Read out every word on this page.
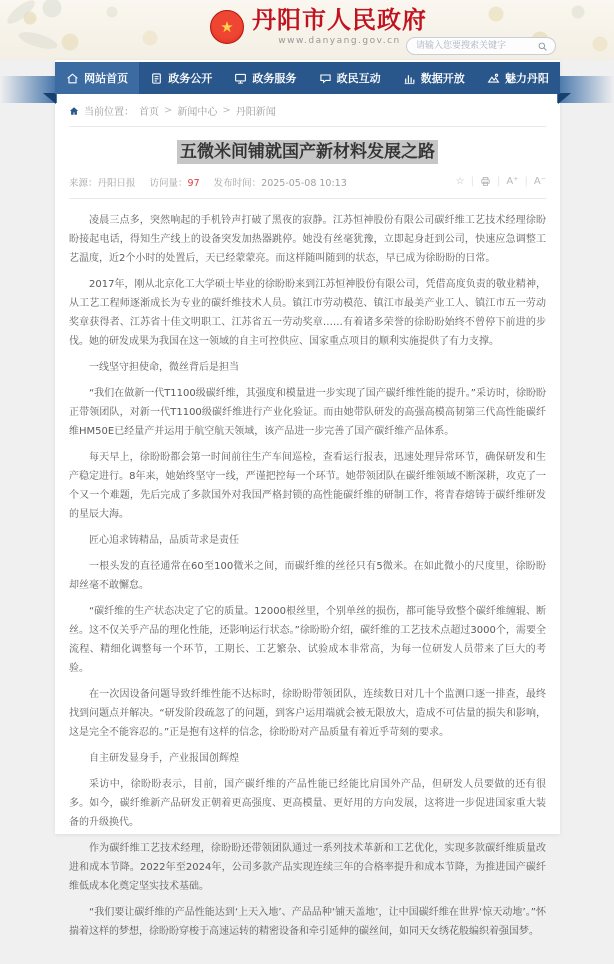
★ 丹阳市人民政府
www.danyang.gov.cn
请输入您要搜索关键字
当前位置： 首页 > 新闻中心 > 丹阳新闻
五微米间铺就国产新材料发展之路
来源：丹阳日报 访问量：97 发布时间：2025-05-08 10:13	☆ | | A⁺ | A⁻

凌晨三点多，突然响起的手机铃声打破了黑夜的寂静。江苏恒神股份有限公司碳纤维工艺技术经理徐盼盼接起电话，得知生产线上的设备突发加热器跳停。她没有丝毫犹豫，立即起身赶到公司，快速应急调整工艺温度，近2个小时的处置后，天已经蒙蒙亮。而这样随叫随到的状态，早已成为徐盼盼的日常。

2017年，刚从北京化工大学硕士毕业的徐盼盼来到江苏恒神股份有限公司，凭借高度负责的敬业精神，从工艺工程师逐渐成长为专业的碳纤维技术人员。镇江市劳动模范、镇江市最美产业工人、镇江市五一劳动奖章获得者、江苏省十佳文明职工、江苏省五一劳动奖章……有着诸多荣誉的徐盼盼始终不曾停下前进的步伐。她的研发成果为我国在这一领域的自主可控供应、国家重点项目的顺利实施提供了有力支撑。

一线坚守担使命，微丝背后是担当

“我们在做新一代T1100级碳纤维，其强度和模量进一步实现了国产碳纤维性能的提升。”采访时，徐盼盼正带领团队，对新一代T1100级碳纤维进行产业化验证。而由她带队研发的高强高模高韧第三代高性能碳纤维HM50E已经量产并运用于航空航天领域，该产品进一步完善了国产碳纤维产品体系。

每天早上，徐盼盼都会第一时间前往生产车间巡检，查看运行报表，迅速处理异常环节，确保研发和生产稳定进行。8年来，她始终坚守一线，严谨把控每一个环节。她带领团队在碳纤维领域不断深耕，攻克了一个又一个难题，先后完成了多款国外对我国严格封锁的高性能碳纤维的研制工作，将青春熔铸于碳纤维研发的星辰大海。

匠心追求铸精品，品质苛求是责任

一根头发的直径通常在60至100微米之间，而碳纤维的丝径只有5微米。在如此微小的尺度里，徐盼盼却丝毫不敢懈怠。

“碳纤维的生产状态决定了它的质量。12000根丝里，个别单丝的损伤，都可能导致整个碳纤维缠辊、断丝。这不仅关乎产品的理化性能，还影响运行状态。”徐盼盼介绍，碳纤维的工艺技术点超过3000个，需要全流程、精细化调整每一个环节，工期长、工艺繁杂、试验成本非常高，为每一位研发人员带来了巨大的考验。

在一次因设备问题导致纤维性能不达标时，徐盼盼带领团队，连续数日对几十个监测口逐一排查，最终找到问题点并解决。“研发阶段疏忽了的问题，到客户运用端就会被无限放大，造成不可估量的损失和影响，这是完全不能容忍的。”正是抱有这样的信念，徐盼盼对产品质量有着近乎苛刻的要求。

自主研发显身手，产业报国创辉煌

采访中，徐盼盼表示，目前，国产碳纤维的产品性能已经能比肩国外产品，但研发人员要做的还有很多。如今，碳纤维新产品研发正朝着更高强度、更高模量、更好用的方向发展，这将进一步促进国家重大装备的升级换代。

作为碳纤维工艺技术经理，徐盼盼还带领团队通过一系列技术革新和工艺优化，实现多款碳纤维质量改进和成本节降。2022年至2024年，公司多款产品实现连续三年的合格率提升和成本节降，为推进国产碳纤维低成本化奠定坚实技术基础。

“我们要让碳纤维的产品性能达到‘上天入地’、产品品种‘铺天盖地’，让中国碳纤维在世界‘惊天动地’。”怀揣着这样的梦想，徐盼盼穿梭于高速运转的精密设备和牵引延伸的碳丝间，如同天女绣花般编织着强国梦。

网站首页	政务公开	政务服务	政民互动	数据开放	魅力丹阳
